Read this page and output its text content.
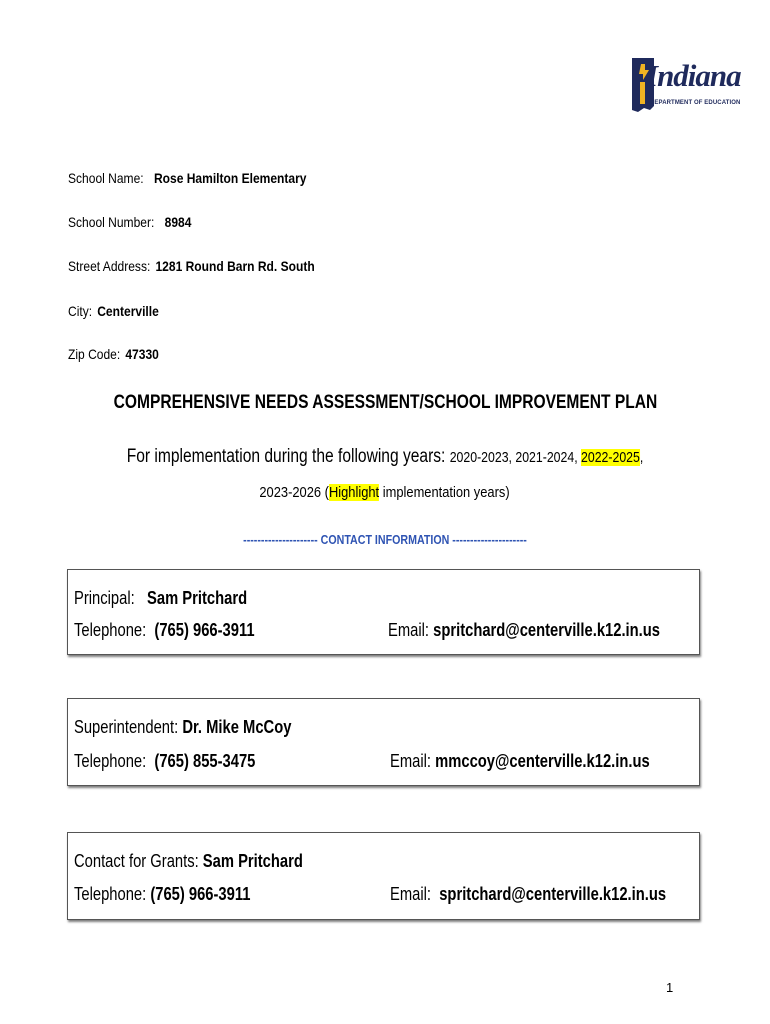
Indiana
DEPARTMENT OF EDUCATION
School Name: Rose Hamilton Elementary
School Number: 8984
Street Address: 1281 Round Barn Rd. South
City: Centerville
Zip Code: 47330
COMPREHENSIVE NEEDS ASSESSMENT/SCHOOL IMPROVEMENT PLAN
For implementation during the following years: 2020-2023, 2021-2024, 2022-2025,
2023-2026 (Highlight implementation years)
--------------------- CONTACT INFORMATION ---------------------
Principal: Sam Pritchard
Telephone: (765) 966-3911	Email: spritchard@centerville.k12.in.us
Superintendent: Dr. Mike McCoy
Telephone: (765) 855-3475	Email: mmccoy@centerville.k12.in.us
Contact for Grants: Sam Pritchard
Telephone: (765) 966-3911	Email: spritchard@centerville.k12.in.us
1
